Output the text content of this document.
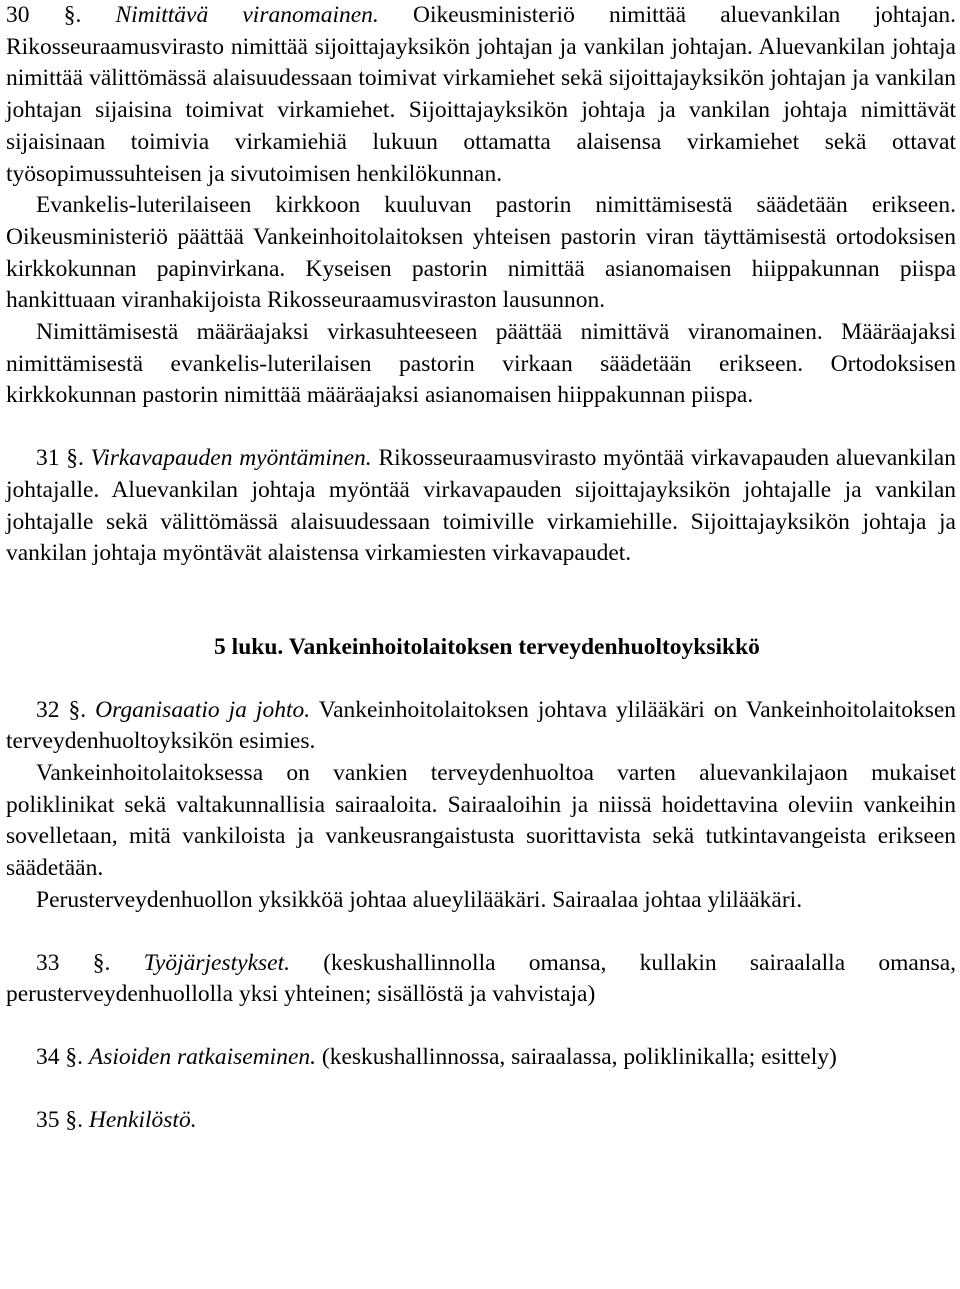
30 §. Nimittävä viranomainen. Oikeusministeriö nimittää aluevankilan johtajan. Rikosseuraamusvirasto nimittää sijoittajayksikön johtajan ja vankilan johtajan. Aluevankilan johtaja nimittää välittömässä alaisuudessaan toimivat virkamiehet sekä sijoittajayksikön johtajan ja vankilan johtajan sijaisina toimivat virkamiehet. Sijoittajayksikön johtaja ja vankilan johtaja nimittävät sijaisinaan toimivia virkamiehiä lukuun ottamatta alaisensa virkamiehet sekä ottavat työsopimussuhteisen ja sivutoimisen henkilökunnan.

Evankelis-luterilaiseen kirkkoon kuuluvan pastorin nimittämisestä säädetään erikseen. Oikeusministeriö päättää Vankeinhoitolaitoksen yhteisen pastorin viran täyttämisestä ortodoksisen kirkkokunnan papinvirkana. Kyseisen pastorin nimittää asianomaisen hiippakunnan piispa hankittuaan viranhakijoista Rikosseuraamusviraston lausunnon.

Nimittämisestä määräajaksi virkasuhteeseen päättää nimittävä viranomainen. Määräajaksi nimittämisestä evankelis-luterilaisen pastorin virkaan säädetään erikseen. Ortodoksisen kirkkokunnan pastorin nimittää määräajaksi asianomaisen hiippakunnan piispa.

31 §. Virkavapauden myöntäminen. Rikosseuraamusvirasto myöntää virkavapauden aluevankilan johtajalle. Aluevankilan johtaja myöntää virkavapauden sijoittajayksikön johtajalle ja vankilan johtajalle sekä välittömässä alaisuudessaan toimiville virkamiehille. Sijoittajayksikön johtaja ja vankilan johtaja myöntävät alaistensa virkamiesten virkavapaudet.

5 luku. Vankeinhoitolaitoksen terveydenhuoltoyksikkö

32 §. Organisaatio ja johto. Vankeinhoitolaitoksen johtava ylilääkäri on Vankeinhoitolaitoksen terveydenhuoltoyksikön esimies.

Vankeinhoitolaitoksessa on vankien terveydenhuoltoa varten aluevankilajaon mukaiset poliklinikat sekä valtakunnallisia sairaaloita. Sairaaloihin ja niissä hoidettavina oleviin vankeihin sovelletaan, mitä vankiloista ja vankeusrangaistusta suorittavista sekä tutkintavangeista erikseen säädetään.

Perusterveydenhuollon yksikköä johtaa alueylilääkäri. Sairaalaa johtaa ylilääkäri.

33 §. Työjärjestykset. (keskushallinnolla omansa, kullakin sairaalalla omansa, perusterveydenhuollolla yksi yhteinen; sisällöstä ja vahvistaja)

34 §. Asioiden ratkaiseminen. (keskushallinnossa, sairaalassa, poliklinikalla; esittely)

35 §. Henkilöstö.
